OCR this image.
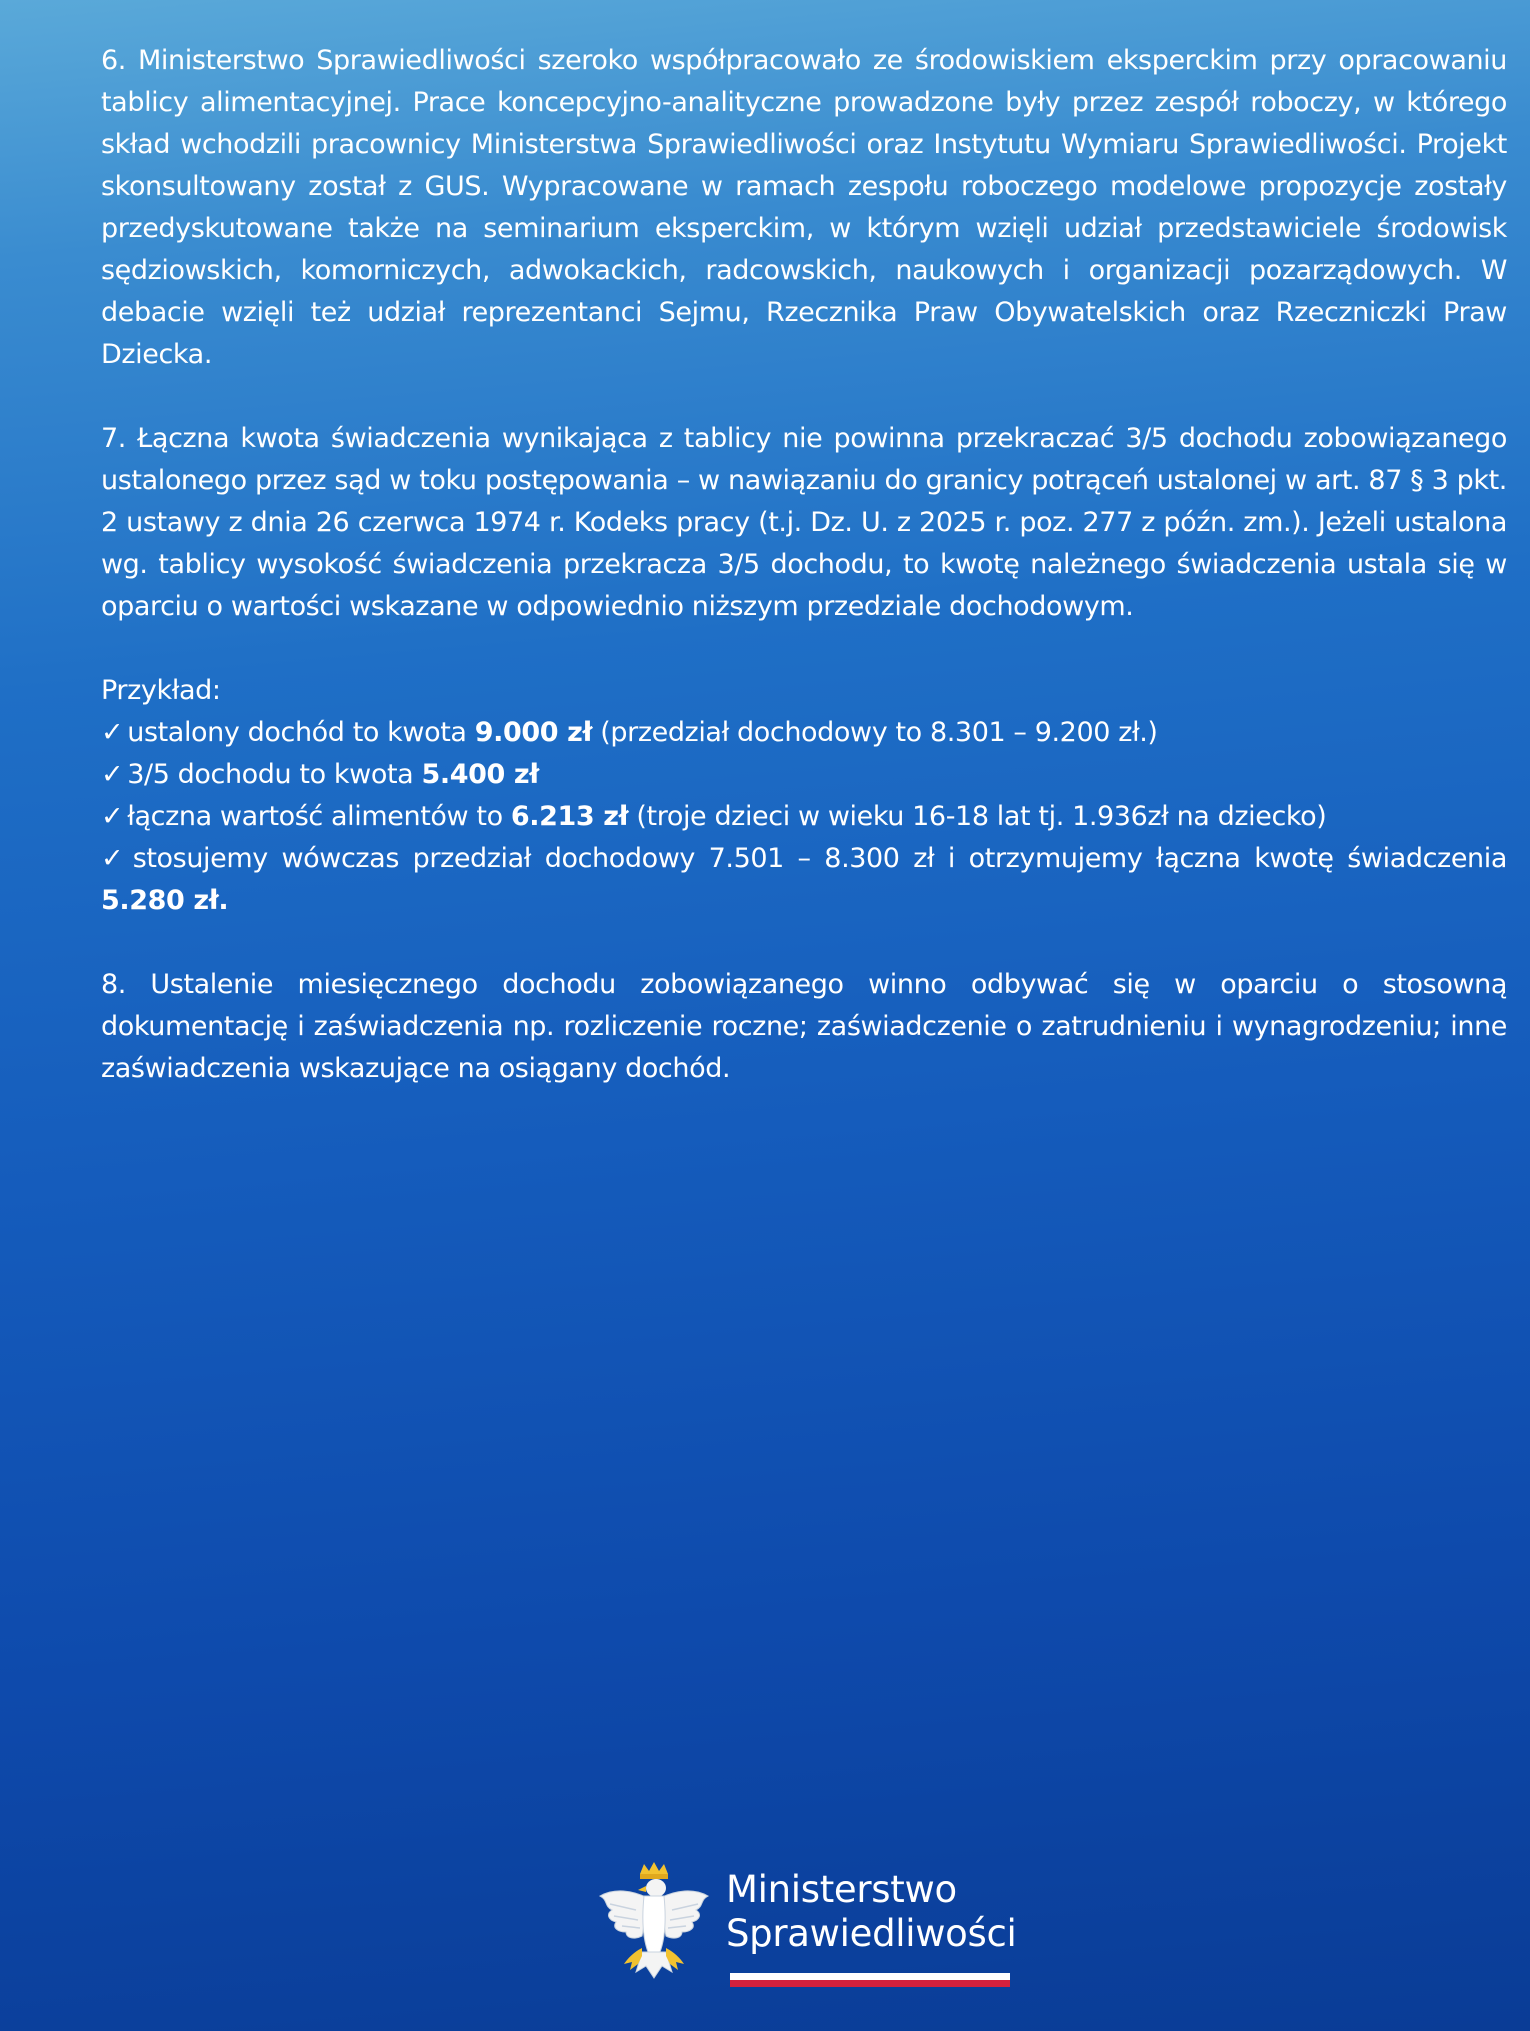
6. Ministerstwo Sprawiedliwości szeroko współpracowało ze środowiskiem eksperckim przy opracowaniu tablicy alimentacyjnej. Prace koncepcyjno-analityczne prowadzone były przez zespół roboczy, w którego skład wchodzili pracownicy Ministerstwa Sprawiedliwości oraz Instytutu Wymiaru Sprawiedliwości. Projekt skonsultowany został z GUS. Wypracowane w ramach zespołu roboczego modelowe propozycje zostały przedyskutowane także na seminarium eksperckim, w którym wzięli udział przedstawiciele środowisk sędziowskich, komorniczych, adwokackich, radcowskich, naukowych i organizacji pozarządowych. W debacie wzięli też udział reprezentanci Sejmu, Rzecznika Praw Obywatelskich oraz Rzeczniczki Praw Dziecka.

7. Łączna kwota świadczenia wynikająca z tablicy nie powinna przekraczać 3/5 dochodu zobowiązanego ustalonego przez sąd w toku postępowania – w nawiązaniu do granicy potrąceń ustalonej w art. 87 § 3 pkt. 2 ustawy z dnia 26 czerwca 1974 r. Kodeks pracy (t.j. Dz. U. z 2025 r. poz. 277 z późn. zm.). Jeżeli ustalona wg. tablicy wysokość świadczenia przekracza 3/5 dochodu, to kwotę należnego świadczenia ustala się w oparciu o wartości wskazane w odpowiednio niższym przedziale dochodowym.

Przykład:
✓ ustalony dochód to kwota 9.000 zł (przedział dochodowy to 8.301 – 9.200 zł.)
✓ 3/5 dochodu to kwota 5.400 zł
✓ łączna wartość alimentów to 6.213 zł (troje dzieci w wieku 16-18 lat tj. 1.936zł na dziecko)
✓ stosujemy wówczas przedział dochodowy 7.501 – 8.300 zł i otrzymujemy łączna kwotę świadczenia 5.280 zł.

8. Ustalenie miesięcznego dochodu zobowiązanego winno odbywać się w oparciu o stosowną dokumentację i zaświadczenia np. rozliczenie roczne; zaświadczenie o zatrudnieniu i wynagrodzeniu; inne zaświadczenia wskazujące na osiągany dochód.

Ministerstwo
Sprawiedliwości
